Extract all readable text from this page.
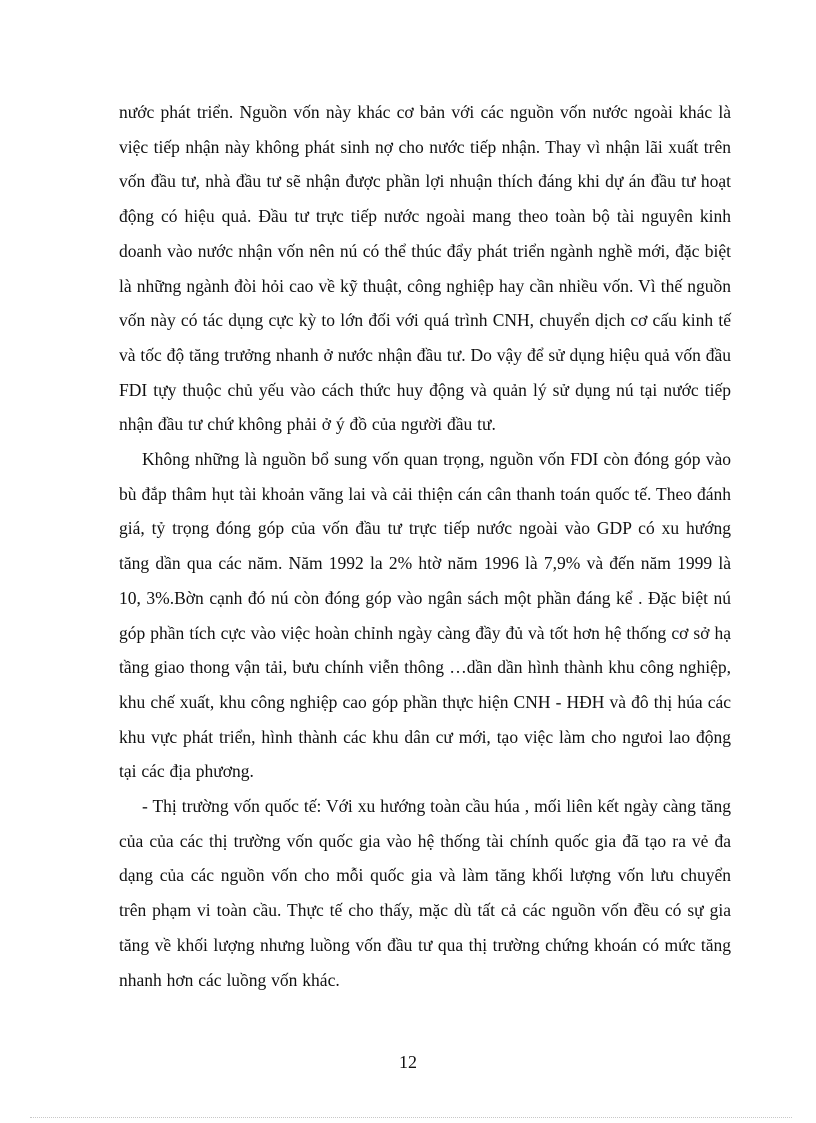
nước phát triển. Nguồn vốn này khác cơ bản với các nguồn vốn nước ngoài khác là việc tiếp nhận này không phát sinh nợ cho nước tiếp nhận. Thay vì nhận lãi xuất trên vốn đầu tư, nhà đầu tư sẽ nhận được phần lợi nhuận thích đáng khi dự án đầu tư hoạt động có hiệu quả. Đầu tư trực tiếp nước ngoài mang theo toàn bộ tài nguyên kinh doanh vào nước nhận vốn nên nú có thể thúc đẩy phát triển ngành nghề mới, đặc biệt là những ngành đòi hỏi cao về kỹ thuật, công nghiệp hay cần nhiều vốn. Vì thế nguồn vốn này có tác dụng cực kỳ to lớn đối với quá trình CNH, chuyển dịch cơ cấu kinh tế và tốc độ tăng trưởng nhanh ở nước nhận đầu tư. Do vậy để sử dụng hiệu quả vốn đầu FDI tựy thuộc chủ yếu vào cách thức huy động và quản lý sử dụng nú tại nước tiếp nhận đầu tư chứ không phải ở ý đồ của người đầu tư.

Không những là nguồn bổ sung vốn quan trọng, nguồn vốn FDI còn đóng góp vào bù đắp thâm hụt tài khoản vãng lai và cải thiện cán cân thanh toán quốc tế. Theo đánh giá, tỷ trọng đóng góp của vốn đầu tư trực tiếp nước ngoài vào GDP có xu hướng tăng dần qua các năm. Năm 1992 la 2% htờ năm 1996 là 7,9% và đến năm 1999 là 10, 3%.Bờn cạnh đó nú còn đóng góp vào ngân sách một phần đáng kể . Đặc biệt nú góp phần tích cực vào việc hoàn chỉnh ngày càng đầy đủ và tốt hơn hệ thống cơ sở hạ tầng giao thong vận tải, bưu chính viễn thông …dần dần hình thành khu công nghiệp, khu chế xuất, khu công nghiệp cao góp phần thực hiện CNH - HĐH và đô thị húa các khu vực phát triển, hình thành các khu dân cư mới, tạo việc làm cho ngưoi lao động tại các địa phương.

- Thị trường vốn quốc tế: Với xu hướng toàn cầu húa , mối liên kết ngày càng tăng của của các thị trường vốn quốc gia vào hệ thống tài chính quốc gia đã tạo ra vẻ đa dạng của các nguồn vốn cho mỗi quốc gia và làm tăng khối lượng vốn lưu chuyển trên phạm vi toàn cầu. Thực tế cho thấy, mặc dù tất cả các nguồn vốn đều có sự gia tăng về khối lượng nhưng luồng vốn đầu tư qua thị trường chứng khoán có mức tăng nhanh hơn các luồng vốn khác.

12
